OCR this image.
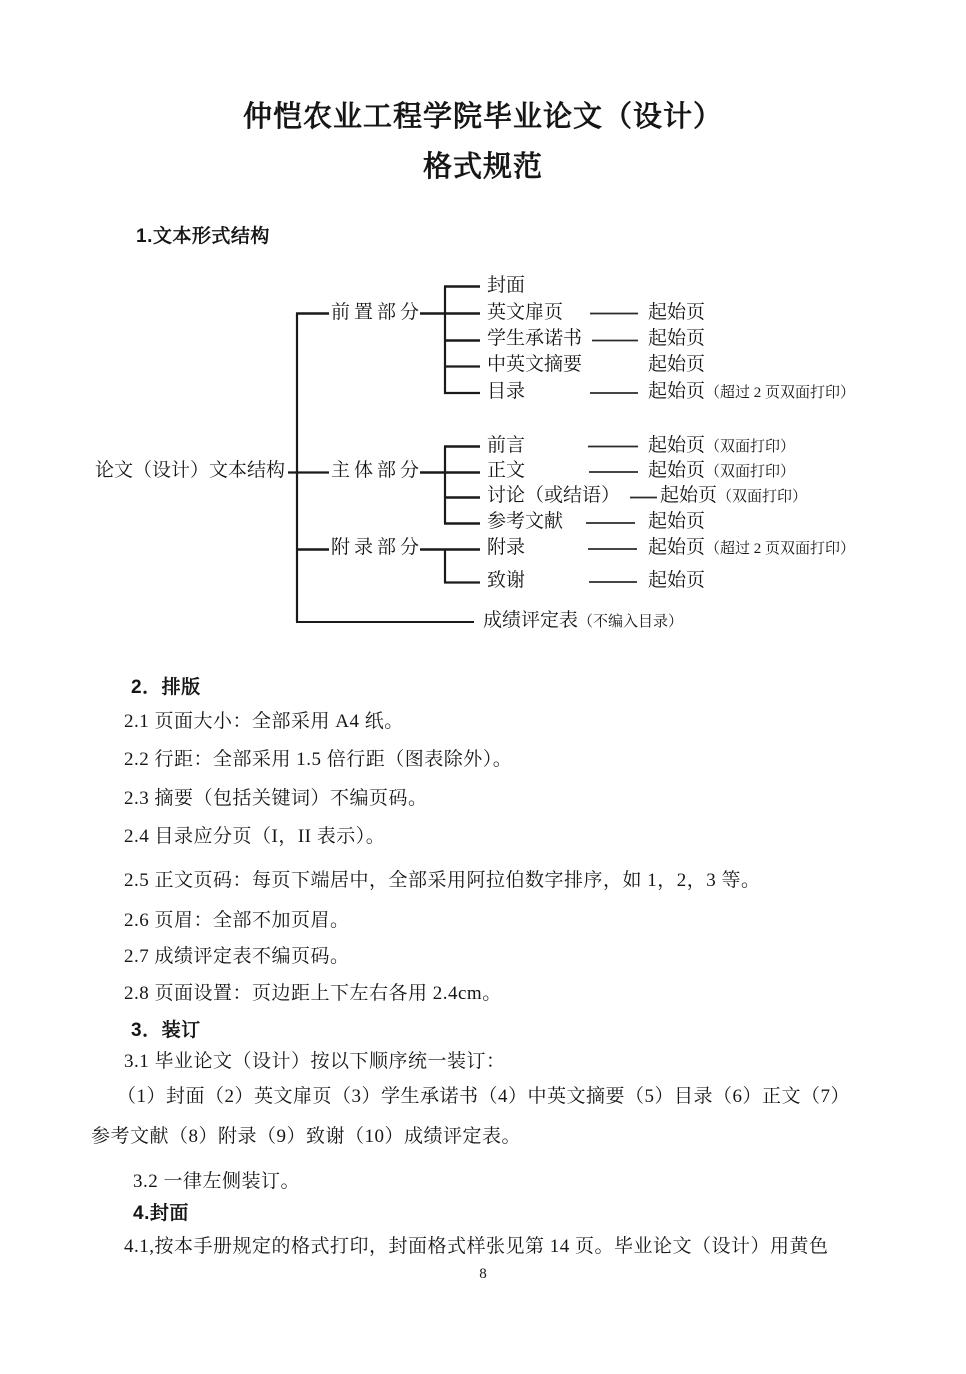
仲恺农业工程学院毕业论文（设计）
格式规范
1.文本形式结构
论文（设计）文本结构
前置部分
主体部分
附录部分
封面
英文扉页
学生承诺书
中英文摘要
目录
前言
正文
讨论（或结语）
参考文献
附录
致谢
起始页
起始页
起始页
起始页（超过 2 页双面打印）
起始页（双面打印）
起始页（双面打印）
起始页（双面打印）
起始页
起始页（超过 2 页双面打印）
起始页
成绩评定表（不编入目录）
2．排版
2.1 页面大小：全部采用 A4 纸。
2.2 行距：全部采用 1.5 倍行距（图表除外）。
2.3 摘要（包括关键词）不编页码。
2.4 目录应分页（I，II 表示）。
2.5 正文页码：每页下端居中，全部采用阿拉伯数字排序，如 1，2，3 等。
2.6 页眉：全部不加页眉。
2.7 成绩评定表不编页码。
2.8 页面设置：页边距上下左右各用 2.4cm。
3．装订
3.1 毕业论文（设计）按以下顺序统一装订：
（1）封面（2）英文扉页（3）学生承诺书（4）中英文摘要（5）目录（6）正文（7）
参考文献（8）附录（9）致谢（10）成绩评定表。
3.2 一律左侧装订。
4.封面
4.1,按本手册规定的格式打印，封面格式样张见第 14 页。毕业论文（设计）用黄色
8
